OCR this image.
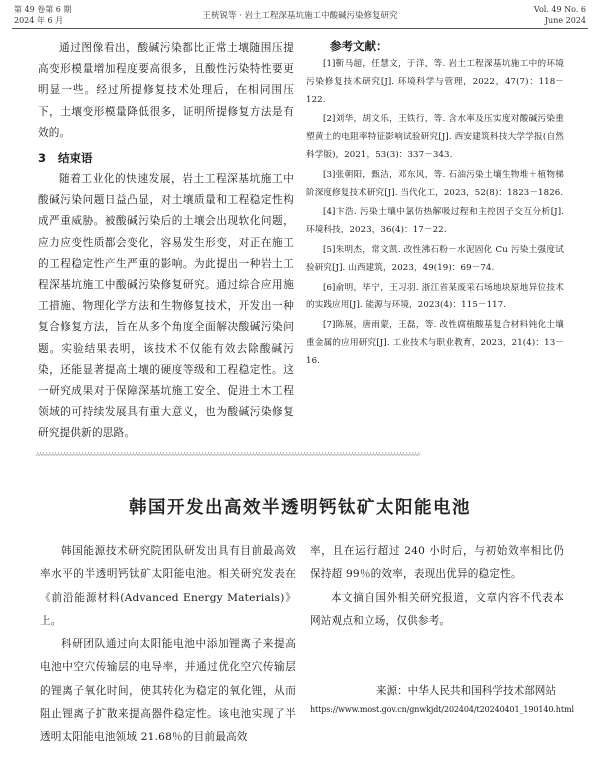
第 49 卷第 6 期
2024 年 6 月	王桄锐等 · 岩土工程深基坑施工中酸碱污染修复研究
Vol. 49 No. 6
June 2024

通过图像看出，酸碱污染都比正常土壤随围压提高变形模量增加程度要高很多，且酸性污染特性要更明显一些。经过所提修复技术处理后，在相同围压下，土壤变形模量降低很多，证明所提修复方法是有效的。

3 结束语

随着工业化的快速发展，岩土工程深基坑施工中酸碱污染问题日益凸显，对土壤质量和工程稳定性构成严重威胁。被酸碱污染后的土壤会出现软化问题，应力应变性质都会变化，容易发生形变，对正在施工的工程稳定性产生严重的影响。为此提出一种岩土工程深基坑施工中酸碱污染修复研究。通过综合应用施工措施、物理化学方法和生物修复技术，开发出一种复合修复方法，旨在从多个角度全面解决酸碱污染问题。实验结果表明，该技术不仅能有效去除酸碱污染，还能显著提高土壤的硬度等级和工程稳定性。这一研究成果对于保障深基坑施工安全、促进土木工程领域的可持续发展具有重大意义，也为酸碱污染修复研究提供新的思路。

参考文献：

[1]靳马超，任慧文，于洋，等. 岩土工程深基坑施工中的环境污染修复技术研究[J]. 环境科学与管理，2022，47(7)：118－122.

[2]刘华，胡文乐，王铁行，等. 含水率及压实度对酸碱污染重塑黄土的电阻率特征影响试验研究[J]. 西安建筑科技大学学报(自然科学版)，2021，53(3)：337－343.

[3]张朝阳，甄洁，邓东风，等. 石油污染土壤生物堆＋植物梯阶深度修复技术研究[J]. 当代化工，2023，52(8)：1823－1826.

[4]卞浩. 污染土壤中氯仿热解吸过程和主控因子交互分析[J]. 环境科技，2023，36(4)：17－22.

[5]朱明杰，常文凯. 改性沸石粉－水泥固化 Cu 污染土强度试验研究[J]. 山西建筑，2023，49(19)：69－74.

[6]俞明，毕宁，王习羽. 浙江省某废采石场地块原地异位技术的实践应用[J]. 能源与环境，2023(4)：115－117.

[7]陈展，唐雨蒙，王磊，等. 改性腐植酸基复合材料钝化土壤重金属的应用研究[J]. 工业技术与职业教育，2023，21(4)：13－16.

ﾑﾑﾑﾑﾑﾑﾑﾑﾑﾑﾑﾑﾑﾑﾑﾑﾑﾑﾑﾑﾑﾑﾑﾑﾑﾑﾑﾑﾑﾑﾑﾑﾑﾑﾑﾑﾑﾑﾑﾑﾑﾑﾑﾑﾑﾑﾑﾑﾑﾑﾑﾑﾑﾑﾑﾑﾑﾑﾑﾑﾑﾑﾑﾑﾑﾑﾑﾑﾑﾑﾑﾑﾑﾑﾑﾑﾑﾑﾑﾑﾑﾑﾑﾑﾑﾑﾑﾑﾑﾑﾑﾑﾑﾑﾑﾑﾑﾑﾑﾑﾑﾑﾑﾑﾑﾑﾑﾑﾑﾑﾑﾑﾑﾑﾑﾑﾑﾑﾑﾑﾑﾑﾑﾑﾑﾑﾑﾑ
韩国开发出高效半透明钙钛矿太阳能电池

韩国能源技术研究院团队研发出具有目前最高效率水平的半透明钙钛矿太阳能电池。相关研究发表在《前沿能源材料(Advanced Energy Materials)》上。

科研团队通过向太阳能电池中添加锂离子来提高电池中空穴传输层的电导率，并通过优化空穴传输层的锂离子氧化时间，使其转化为稳定的氧化锂，从而阻止锂离子扩散来提高器件稳定性。该电池实现了半透明太阳能电池领域 21.68％的目前最高效

率，且在运行超过 240 小时后，与初始效率相比仍保持超 99％的效率，表现出优异的稳定性。

本文摘自国外相关研究报道，文章内容不代表本网站观点和立场，仅供参考。

来源：中华人民共和国科学技术部网站
https://www.most.gov.cn/gnwkjdt/202404/t20240401_190140.html
